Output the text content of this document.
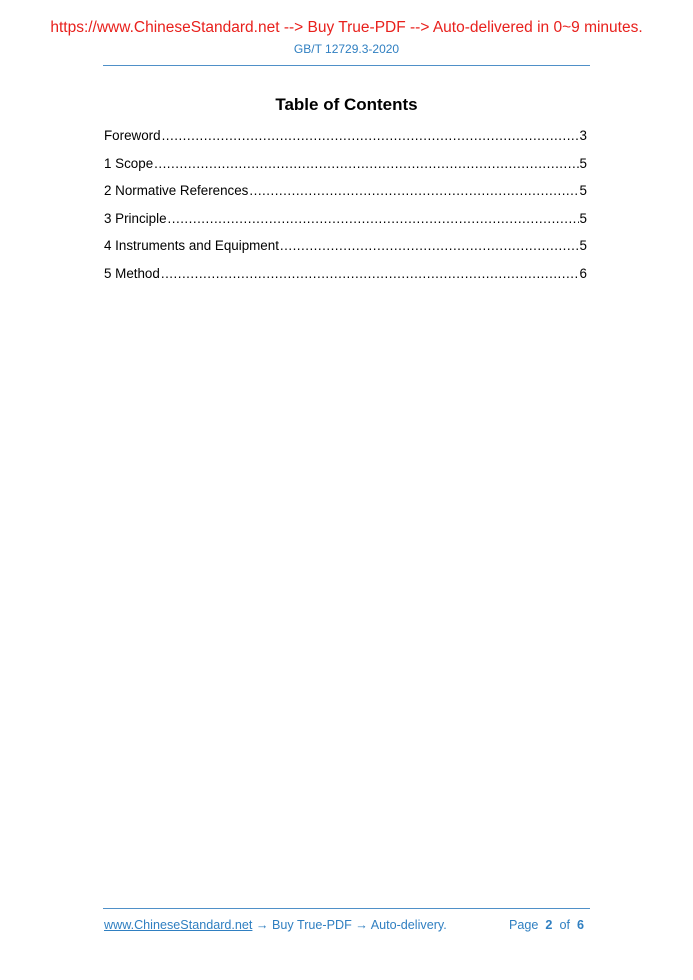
https://www.ChineseStandard.net --> Buy True-PDF --> Auto-delivered in 0~9 minutes.
GB/T 12729.3-2020
Table of Contents
Foreword .....	3
1 Scope .....	5
2 Normative References .....	5
3 Principle .....	5
4 Instruments and Equipment .....	5
5 Method .....	6
www.ChineseStandard.net → Buy True-PDF → Auto-delivery.	Page 2 of 6
